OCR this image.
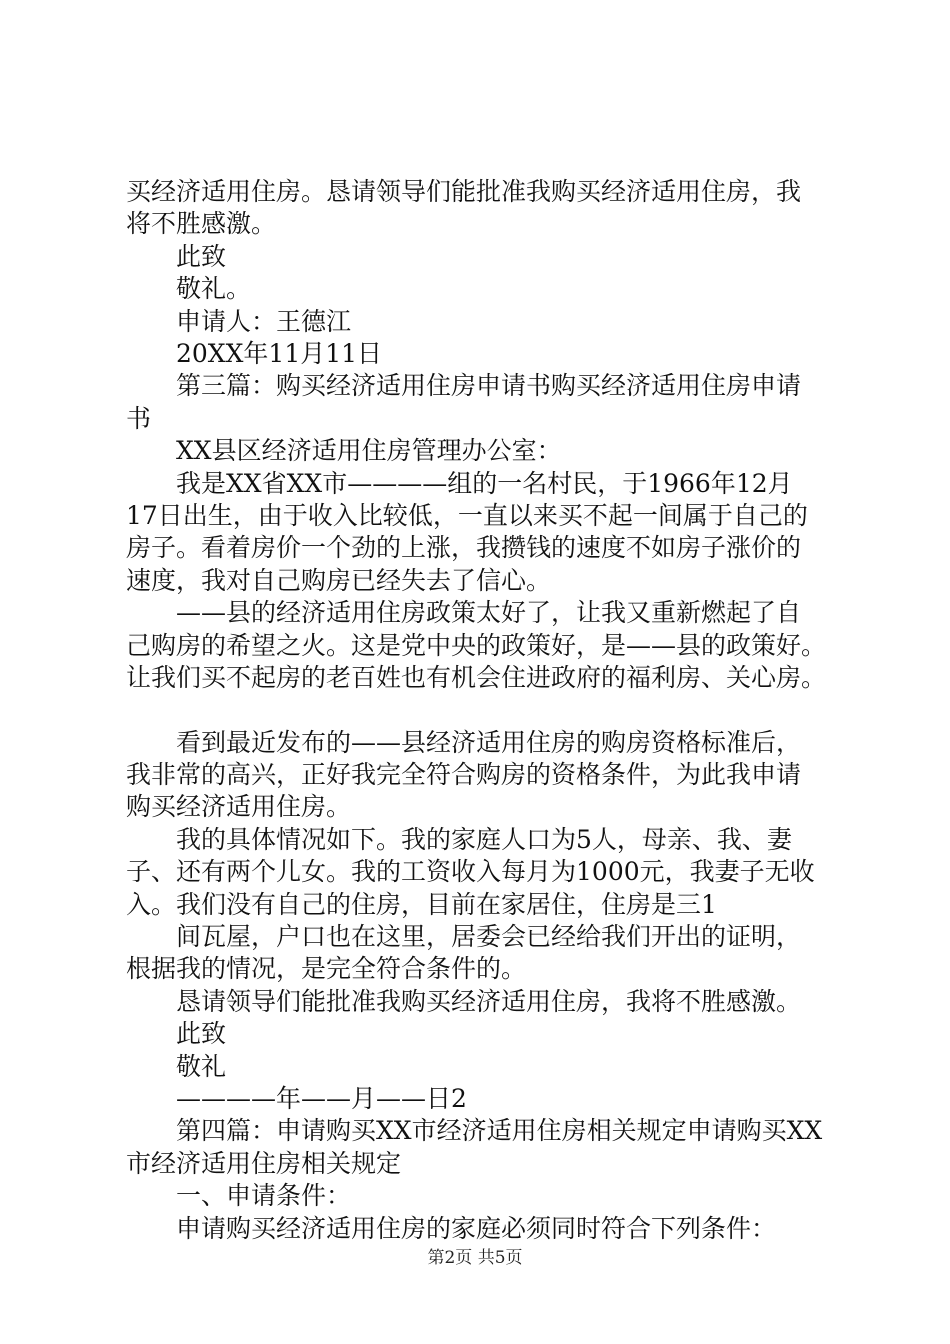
买经济适用住房。恳请领导们能批准我购买经济适用住房，我

将不胜感激。

此致

敬礼。

申请人：王德江

20XX年11月11日

第三篇：购买经济适用住房申请书购买经济适用住房申请

书

XX县区经济适用住房管理办公室：

我是XX省XX市————组的一名村民，于1966年12月

17日出生，由于收入比较低，一直以来买不起一间属于自己的

房子。看着房价一个劲的上涨，我攒钱的速度不如房子涨价的

速度，我对自己购房已经失去了信心。

——县的经济适用住房政策太好了，让我又重新燃起了自

己购房的希望之火。这是党中央的政策好，是——县的政策好。

让我们买不起房的老百姓也有机会住进政府的福利房、关心房。

看到最近发布的——县经济适用住房的购房资格标准后，

我非常的高兴，正好我完全符合购房的资格条件，为此我申请

购买经济适用住房。

我的具体情况如下。我的家庭人口为5人，母亲、我、妻

子、还有两个儿女。我的工资收入每月为1000元，我妻子无收

入。我们没有自己的住房，目前在家居住，住房是三1

间瓦屋，户口也在这里，居委会已经给我们开出的证明，

根据我的情况，是完全符合条件的。

恳请领导们能批准我购买经济适用住房，我将不胜感激。

此致

敬礼

————年——月——日2

第四篇：申请购买XX市经济适用住房相关规定申请购买XX

市经济适用住房相关规定

一、申请条件：

申请购买经济适用住房的家庭必须同时符合下列条件：

第2页 共5页
